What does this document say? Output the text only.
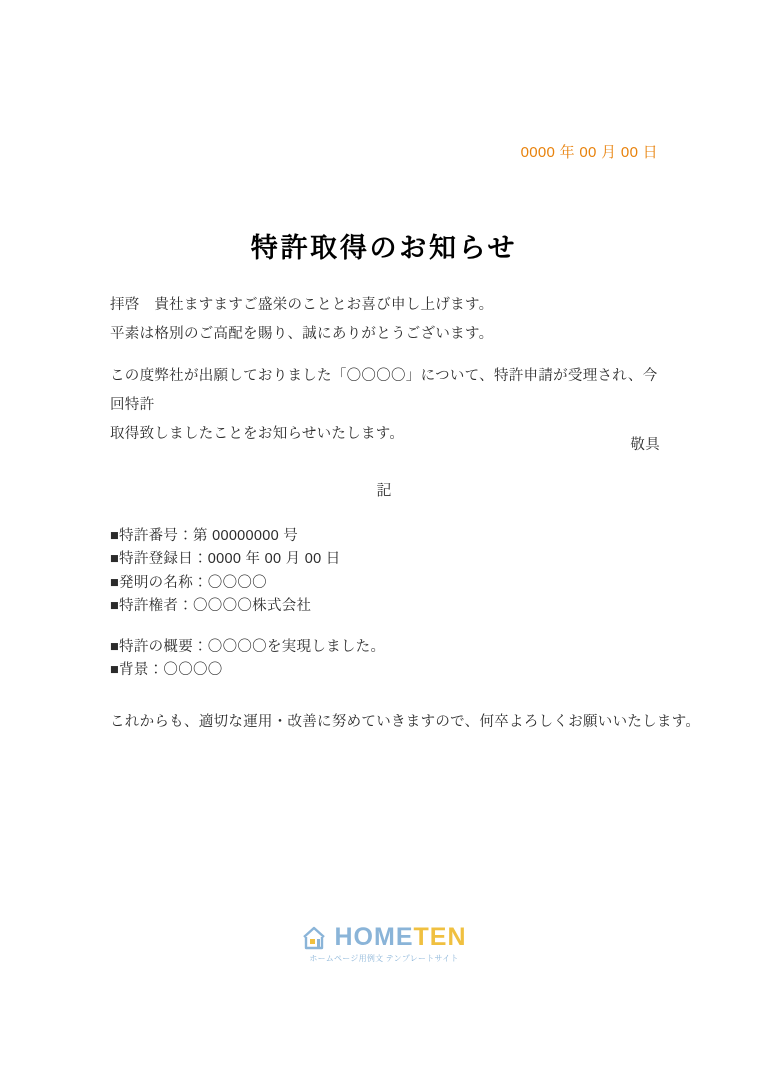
0000 年 00 月 00 日
特許取得のお知らせ
拝啓　貴社ますますご盛栄のこととお喜び申し上げます。
平素は格別のご高配を賜り、誠にありがとうございます。
この度弊社が出願しておりました「〇〇〇〇」について、特許申請が受理され、今回特許
取得致しましたことをお知らせいたします。
敬具
記
■特許番号：第 00000000 号
■特許登録日：0000 年 00 月 00 日
■発明の名称：〇〇〇〇
■特許権者：〇〇〇〇株式会社
■特許の概要：〇〇〇〇を実現しました。
■背景：〇〇〇〇
これからも、適切な運用・改善に努めていきますので、何卒よろしくお願いいたします。
HOMETEN
ホームページ用例文 テンプレートサイト
